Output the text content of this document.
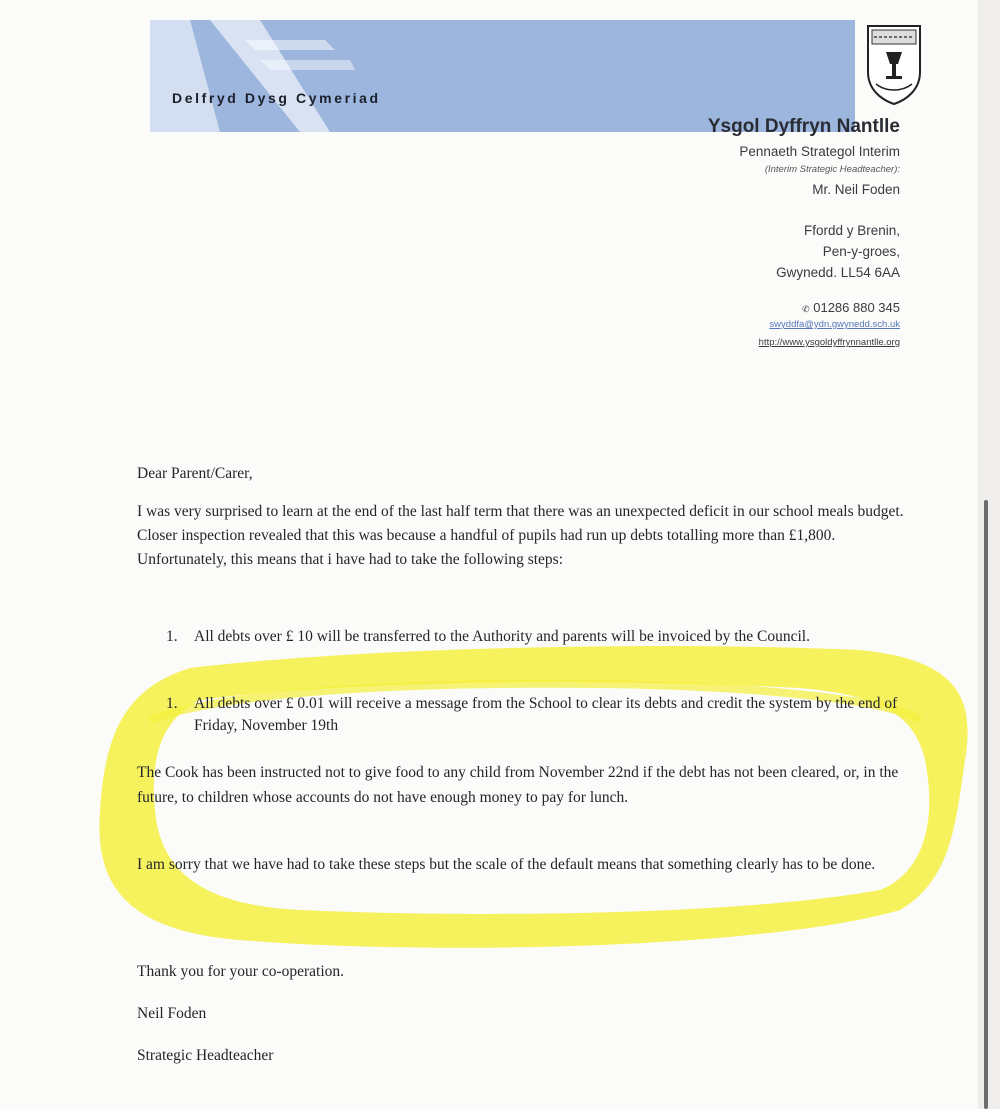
Delfryd Dysg Cymeriad
Ysgol Dyffryn Nantlle
Pennaeth Strategol Interim
(Interim Strategic Headteacher):
Mr. Neil Foden
Ffordd y Brenin,
Pen-y-groes,
Gwynedd. LL54 6AA
✆ 01286 880 345
swyddfa@ydn.gwynedd.sch.uk
http://www.ysgoldyffrynnantlle.org
Dear Parent/Carer,
I was very surprised to learn at the end of the last half term that there was an unexpected deficit in our school meals budget. Closer inspection revealed that this was because a handful of pupils had run up debts totalling more than £1,800. Unfortunately, this means that i have had to take the following steps:
1. All debts over £ 10 will be transferred to the Authority and parents will be invoiced by the Council.
1. All debts over £ 0.01 will receive a message from the School to clear its debts and credit the system by the end of Friday, November 19th
The Cook has been instructed not to give food to any child from November 22nd if the debt has not been cleared, or, in the future, to children whose accounts do not have enough money to pay for lunch.
I am sorry that we have had to take these steps but the scale of the default means that something clearly has to be done.
Thank you for your co-operation.
Neil Foden
Strategic Headteacher
